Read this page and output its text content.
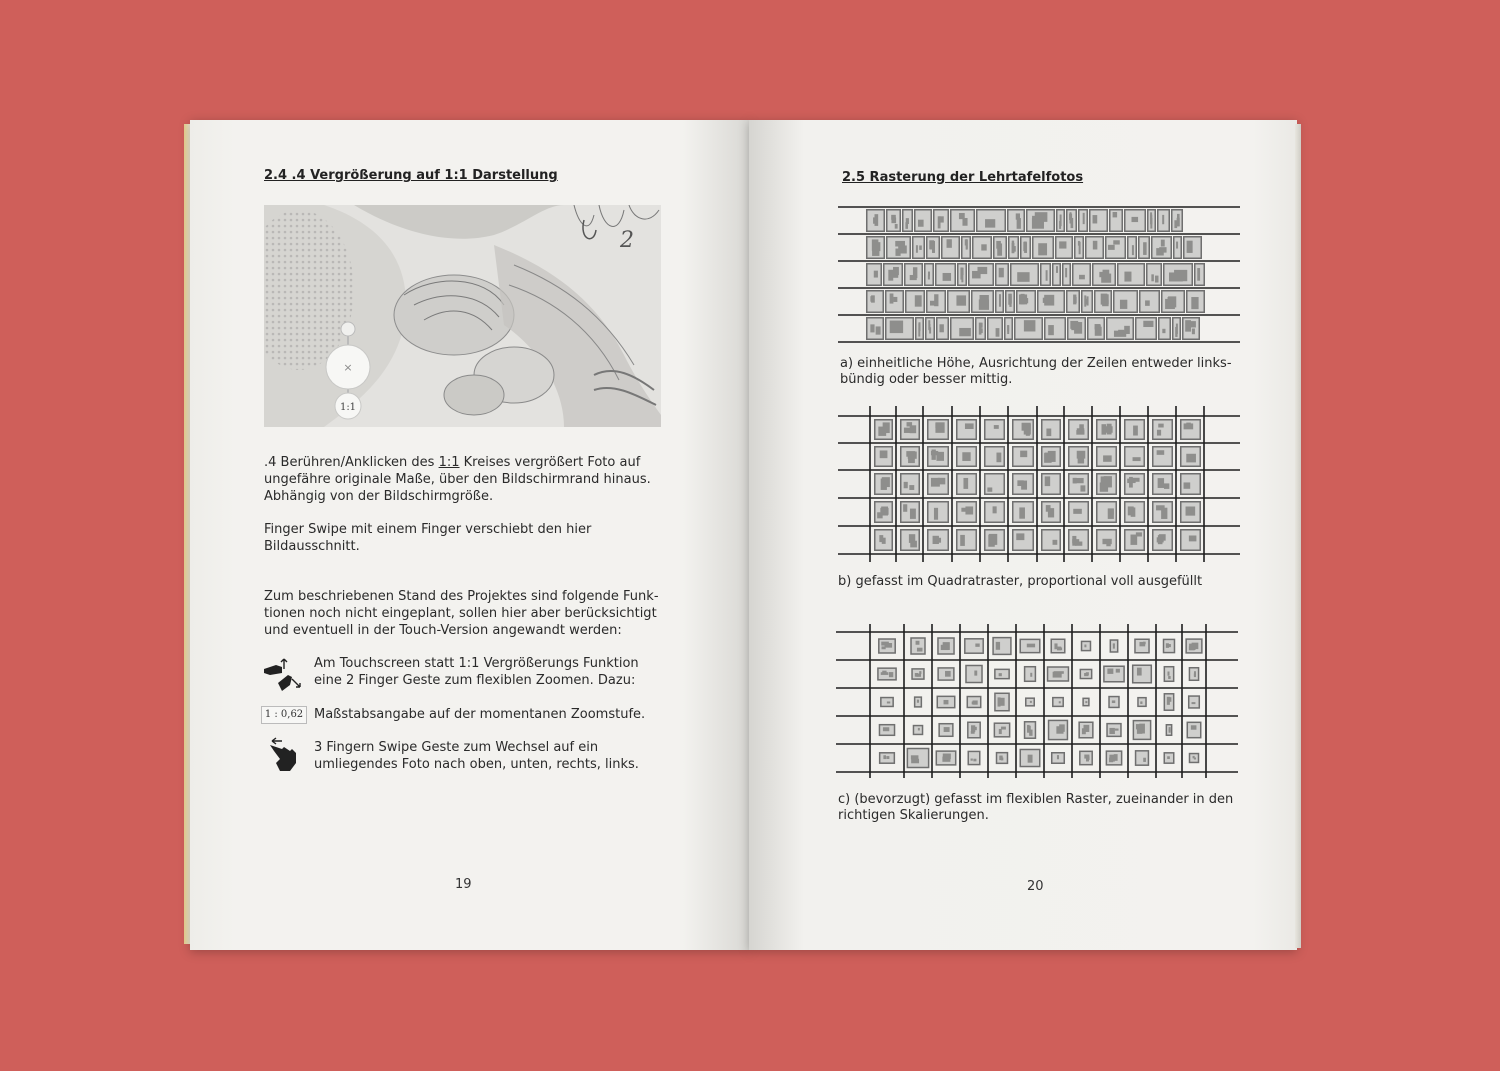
2.4 .4 Vergrößerung auf 1:1 Darstellung
2
×
1:1
.4 Berühren/Anklicken des 1:1 Kreises vergrößert Foto auf
ungefähre originale Maße, über den Bildschirmrand hinaus.
Abhängig von der Bildschirmgröße.
Finger Swipe mit einem Finger verschiebt den hier
Bildausschnitt.
Zum beschriebenen Stand des Projektes sind folgende Funk-
tionen noch nicht eingeplant, sollen hier aber berücksichtigt
und eventuell in der Touch-Version angewandt werden:
Am Touchscreen statt 1:1 Vergrößerungs Funktion
eine 2 Finger Geste zum flexiblen Zoomen. Dazu:
1 : 0,62 Maßstabsangabe auf der momentanen Zoomstufe.
3 Fingern Swipe Geste zum Wechsel auf ein
umliegendes Foto nach oben, unten, rechts, links.
19
2.5 Rasterung der Lehrtafelfotos
a) einheitliche Höhe, Ausrichtung der Zeilen entweder links-
bündig oder besser mittig.
b) gefasst im Quadratraster, proportional voll ausgefüllt
c) (bevorzugt) gefasst im flexiblen Raster, zueinander in den
richtigen Skalierungen.
20
